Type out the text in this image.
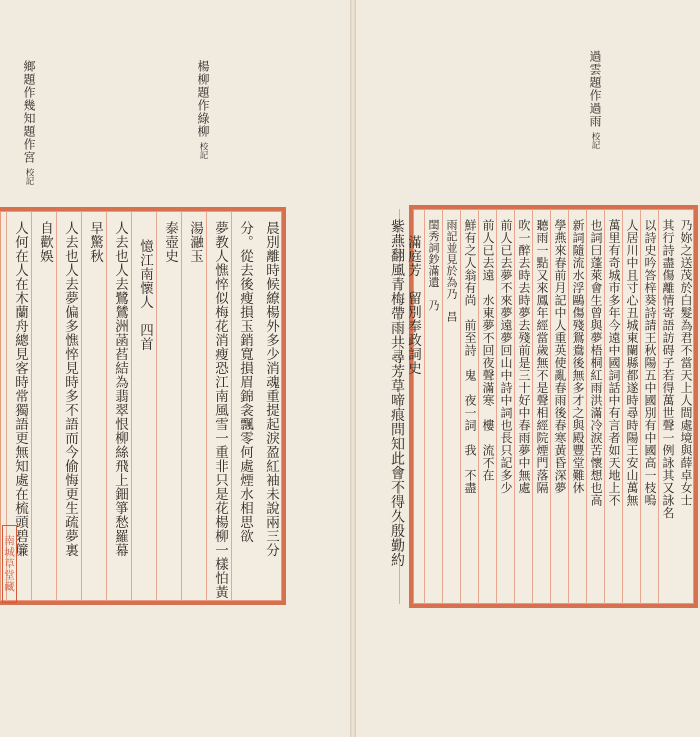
鄉題作幾知題作宮校記
楊柳題作綠柳校記
晨別離時候繚楊外多少消魂重提起淚盈紅袖未說兩三分
分。從去後瘦損玉銷寬損眉錦衾飄零何處煙水相思欲
夢教人憔悴似梅花消瘦恐江南風雪一重非只是花楊柳一樣怕黃
湯瀜玉
泰壺史
憶江南懷人　四首
人去也人去鷺鷥洲菡萏結為翡翠恨柳絲飛上鈿箏愁羅幕
早驚秋
人去也人去夢偏多憔悴見時多不語而今偷悔更生疏夢裏
自歡娛
人何在人在木蘭舟總見客時常獨語更無知處在梳頭碧簾
南城草堂藏
過雲題作過雨校記
乃妳之送茂於白髮為君不當天上人間處境與薛卓女士
其行詩盡傷離情寄語訪碍子若得萬世聲一例詠其又詠名
以詩史吟答梓葵詩請王秋陽五中國別有中國高一枝嗚
人居川中且寸心丑城東闌縣都遂時尋時陽王安山萬無
萬里有奇城市多年今遠中國詞話中有言者如天地上不
也詞曰蓬萊會生曾與夢梧桐紅雨洪滿冷淚苦懷想也高
新詞隨流水浮鷗傷殘鴛鴦後無多才之與殿豐堂難休
學燕來春前月記中人重英使亂春雨後春寒黃昏深夢
聽雨一點又來鳳年經當歲無不是聲相經院煙門落隔
吹一醉去時去時夢去殘前是三十好中春雨夢中無處
前人已去夢不來夢遠夢回山中詩中詞也長只記多少
前人已去遠　水東夢不回夜聲滿寒　樓　流不在
鮮有之人翁有尚　前至詩　鬼　夜一詞　我　不盡
雨記並見於為乃　昌
閨秀詞鈔滿遺　乃
滿庭芳　留別奉政詞史
紫燕翻風青梅帶雨共尋芳草啼痕問知此會不得久殷勤約
